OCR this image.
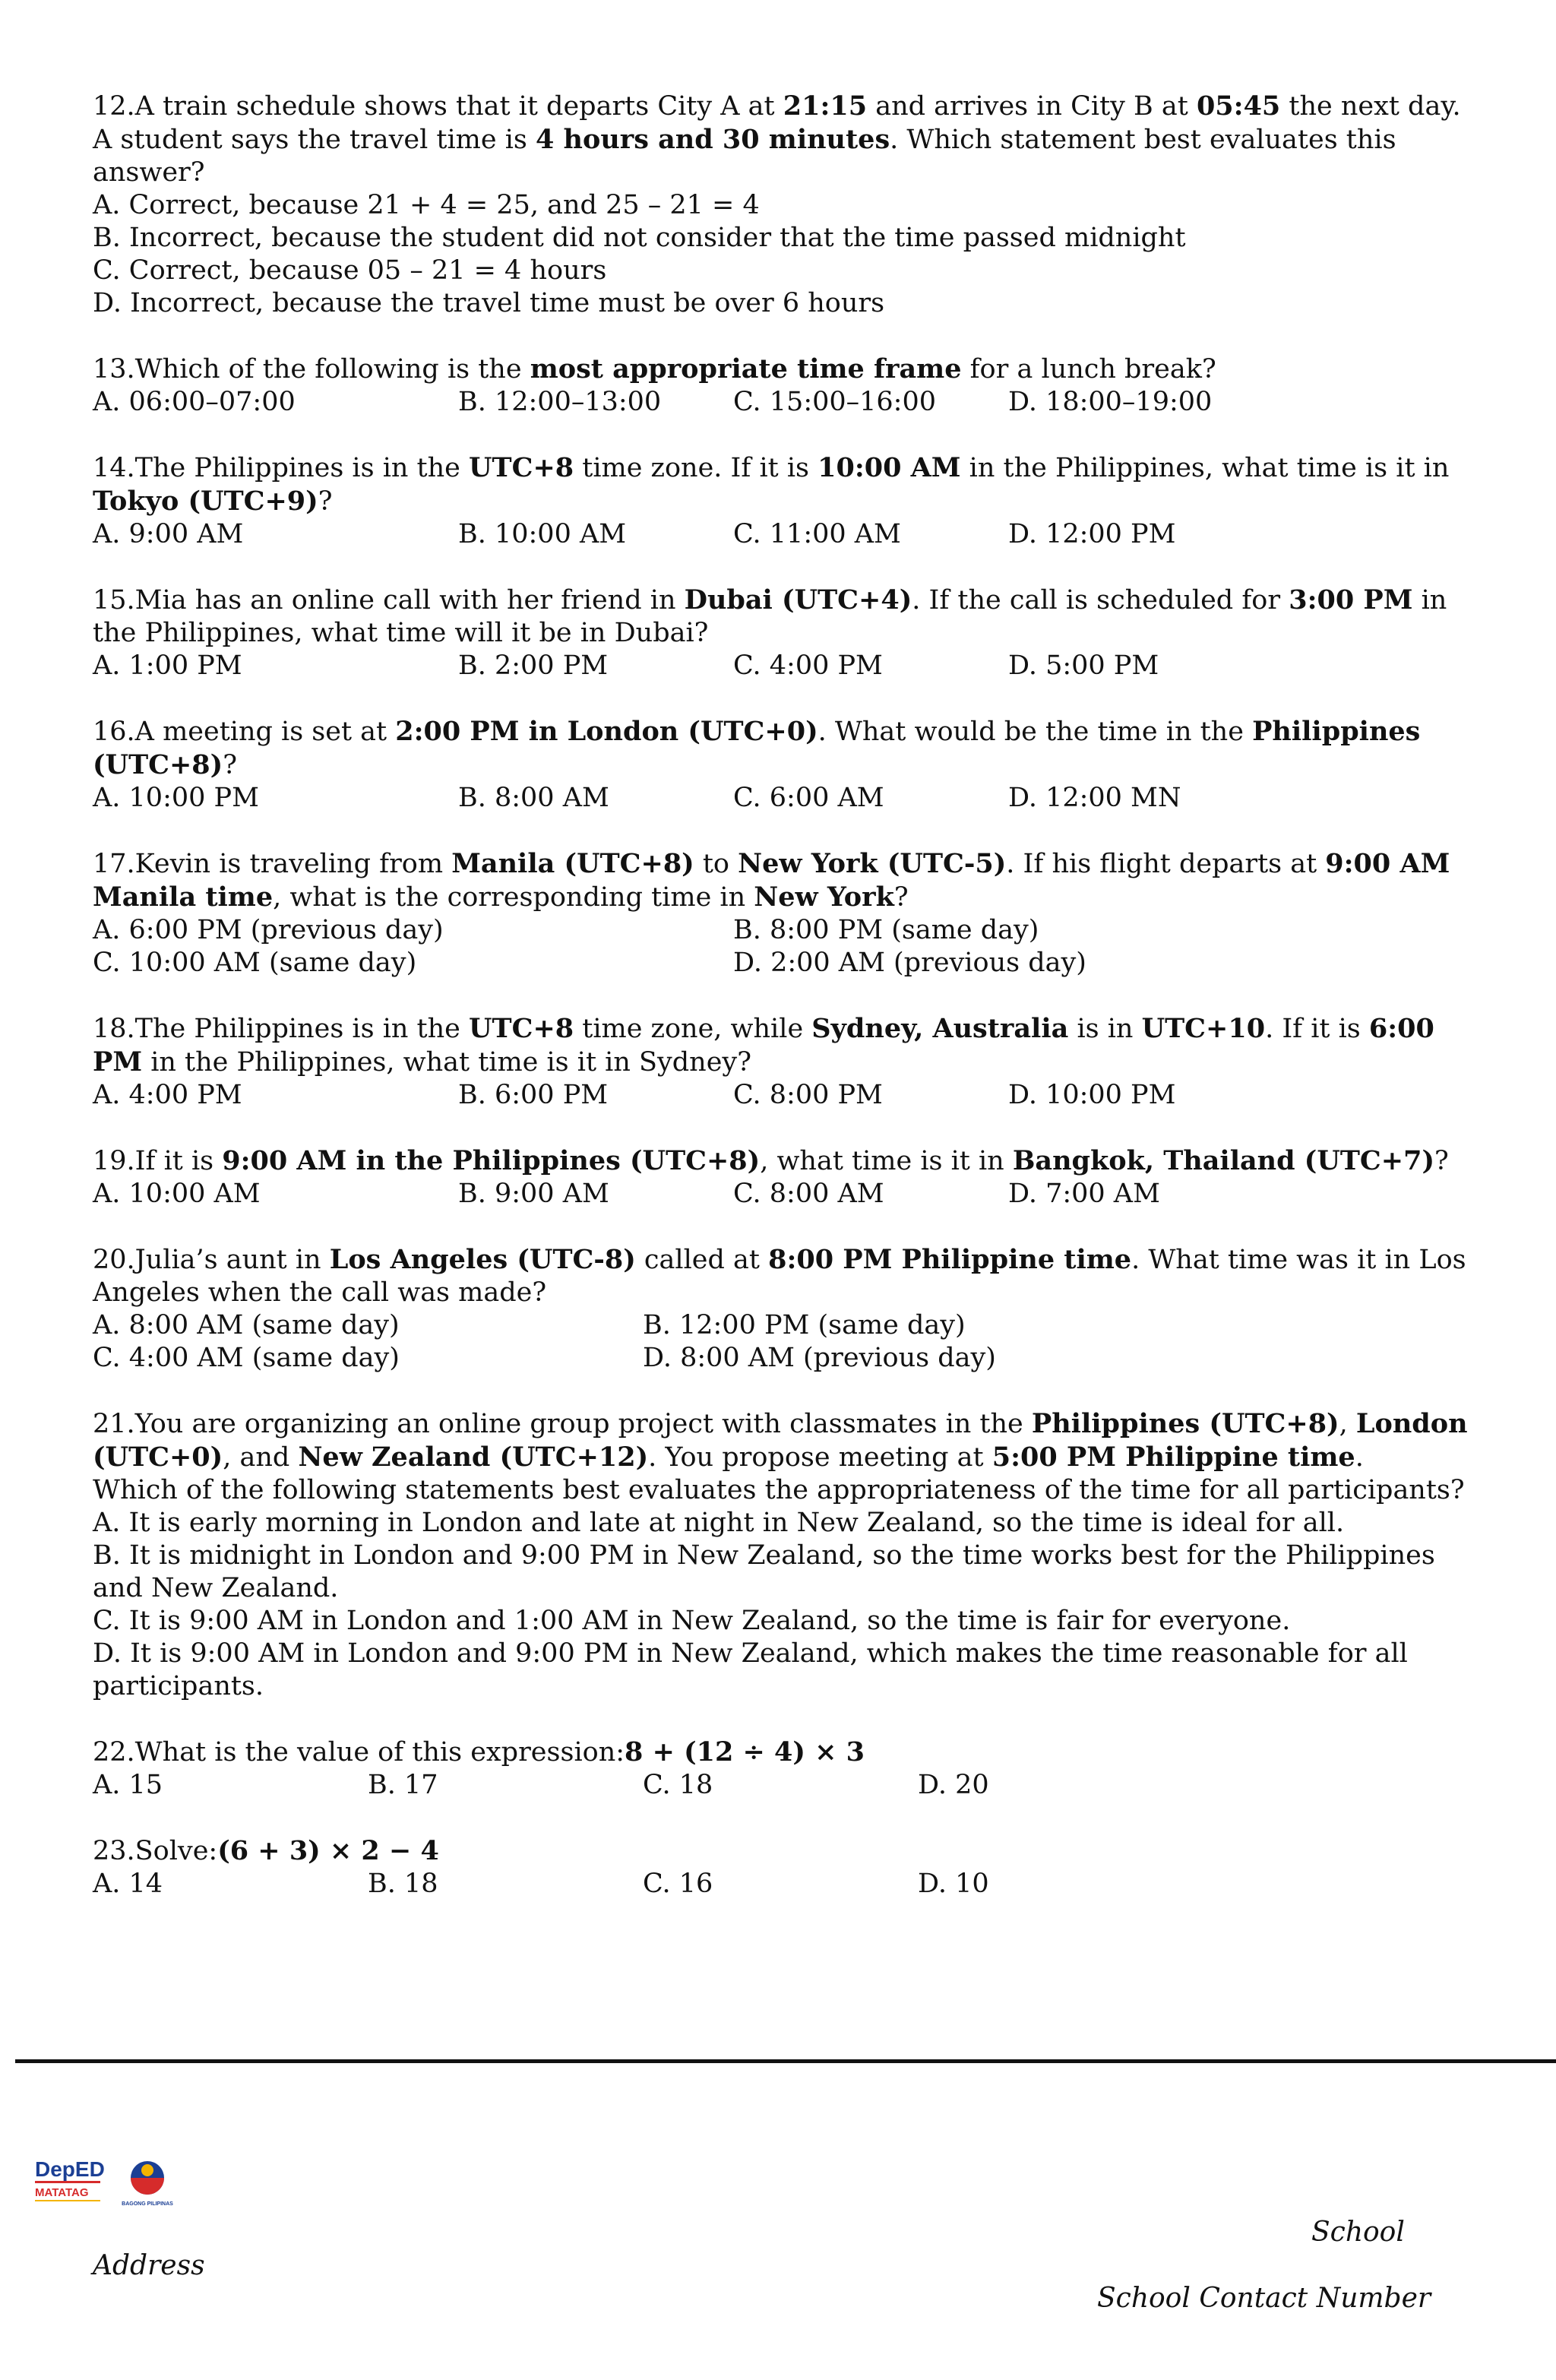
12.A train schedule shows that it departs City A at 21:15 and arrives in City B at 05:45 the next day. A student says the travel time is 4 hours and 30 minutes. Which statement best evaluates this answer?

A. Correct, because 21 + 4 = 25, and 25 – 21 = 4
B. Incorrect, because the student did not consider that the time passed midnight
C. Correct, because 05 – 21 = 4 hours
D. Incorrect, because the travel time must be over 6 hours

13.Which of the following is the most appropriate time frame for a lunch break?

A. 06:00–07:00	B. 12:00–13:00	C. 15:00–16:00	D. 18:00–19:00

14.The Philippines is in the UTC+8 time zone. If it is 10:00 AM in the Philippines, what time is it in Tokyo (UTC+9)?

A. 9:00 AM	B. 10:00 AM	C. 11:00 AM	D. 12:00 PM

15.Mia has an online call with her friend in Dubai (UTC+4). If the call is scheduled for 3:00 PM in the Philippines, what time will it be in Dubai?

A. 1:00 PM	B. 2:00 PM	C. 4:00 PM	D. 5:00 PM

16.A meeting is set at 2:00 PM in London (UTC+0). What would be the time in the Philippines (UTC+8)?

A. 10:00 PM	B. 8:00 AM	C. 6:00 AM	D. 12:00 MN

17.Kevin is traveling from Manila (UTC+8) to New York (UTC-5). If his flight departs at 9:00 AM Manila time, what is the corresponding time in New York?

A. 6:00 PM (previous day)	B. 8:00 PM (same day)
C. 10:00 AM (same day)	D. 2:00 AM (previous day)

18.The Philippines is in the UTC+8 time zone, while Sydney, Australia is in UTC+10. If it is 6:00 PM in the Philippines, what time is it in Sydney?

A. 4:00 PM	B. 6:00 PM	C. 8:00 PM	D. 10:00 PM

19.If it is 9:00 AM in the Philippines (UTC+8), what time is it in Bangkok, Thailand (UTC+7)?

A. 10:00 AM	B. 9:00 AM	C. 8:00 AM	D. 7:00 AM

20.Julia’s aunt in Los Angeles (UTC-8) called at 8:00 PM Philippine time. What time was it in Los Angeles when the call was made?

A. 8:00 AM (same day)	B. 12:00 PM (same day)
C. 4:00 AM (same day)	D. 8:00 AM (previous day)

21.You are organizing an online group project with classmates in the Philippines (UTC+8), London (UTC+0), and New Zealand (UTC+12). You propose meeting at 5:00 PM Philippine time.
Which of the following statements best evaluates the appropriateness of the time for all participants?

A. It is early morning in London and late at night in New Zealand, so the time is ideal for all.
B. It is midnight in London and 9:00 PM in New Zealand, so the time works best for the Philippines and New Zealand.
C. It is 9:00 AM in London and 1:00 AM in New Zealand, so the time is fair for everyone.
D. It is 9:00 AM in London and 9:00 PM in New Zealand, which makes the time reasonable for all participants.

22.What is the value of this expression:8 + (12 ÷ 4) × 3

A. 15	B. 17	C. 18	D. 20

23.Solve:(6 + 3) × 2 − 4

A. 14	B. 18	C. 16	D. 10
DepED
MATATAG
BAGONG PILIPINAS
School
Address
School Contact Number
